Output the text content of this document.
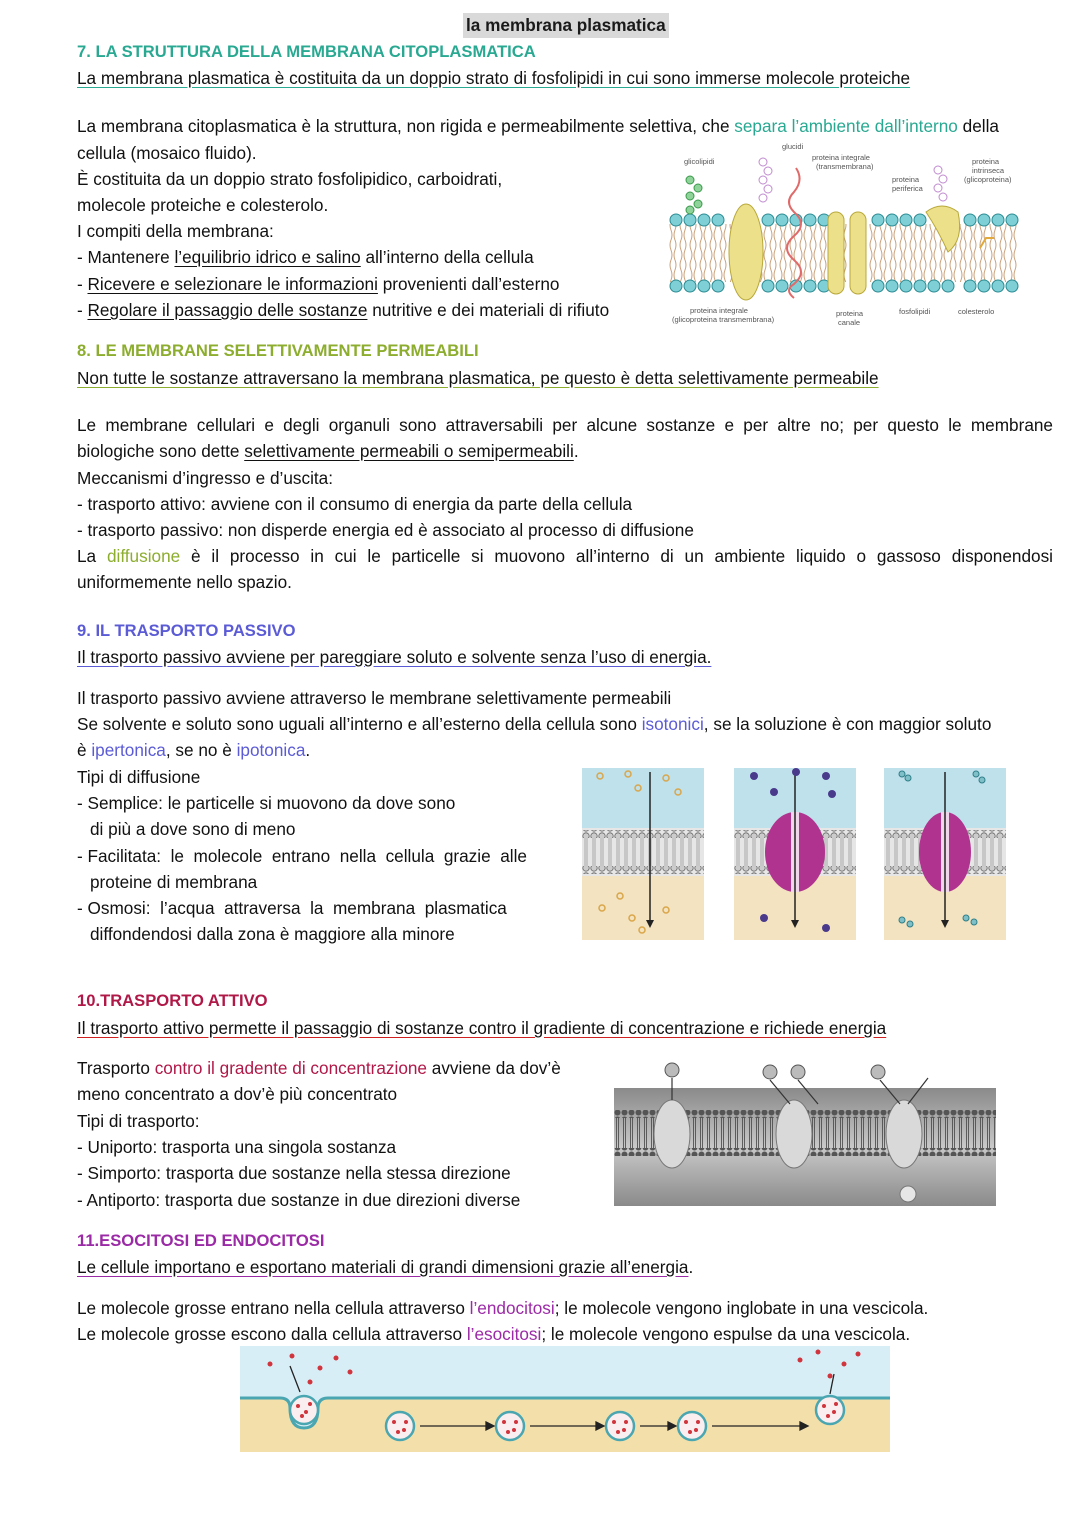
la membrana plasmatica
7. LA STRUTTURA DELLA MEMBRANA CITOPLASMATICA
La membrana plasmatica è costituita da un doppio strato di fosfolipidi in cui sono immerse molecole proteiche
La membrana citoplasmatica è la struttura, non rigida e permeabilmente selettiva, che separa l’ambiente dall’interno della
cellula (mosaico fluido).
È costituita da un doppio strato fosfolipidico, carboidrati,
molecole proteiche e colesterolo.
I compiti della membrana:
- Mantenere l’equilibrio idrico e salino all’interno della cellula
- Ricevere e selezionare le informazioni provenienti dall’esterno
- Regolare il passaggio delle sostanze nutritive e dei materiali di rifiuto
glicolipidi
glucidi
proteina integrale
(transmembrana)
proteina
periferica
proteina
intrinseca
(glicoproteina)
proteina integrale
(glicoproteina transmembrana)
proteina
canale
fosfolipidi	colesterolo
8. LE MEMBRANE SELETTIVAMENTE PERMEABILI
Non tutte le sostanze attraversano la membrana plasmatica, pe questo è detta selettivamente permeabile
Le membrane cellulari e degli organuli sono attraversabili per alcune sostanze e per altre no; per questo le membrane
biologiche sono dette selettivamente permeabili o semipermeabili.
Meccanismi d’ingresso e d’uscita:
- trasporto attivo: avviene con il consumo di energia da parte della cellula
- trasporto passivo: non disperde energia ed è associato al processo di diffusione
La diffusione è il processo in cui le particelle si muovono all’interno di un ambiente liquido o gassoso disponendosi
uniformemente nello spazio.
9. IL TRASPORTO PASSIVO
Il trasporto passivo avviene per pareggiare soluto e solvente senza l’uso di energia.
Il trasporto passivo avviene attraverso le membrane selettivamente permeabili
Se solvente e soluto sono uguali all’interno e all’esterno della cellula sono isotonici, se la soluzione è con maggior soluto
è ipertonica, se no è ipotonica.
Tipi di diffusione
- Semplice: le particelle si muovono da dove sono
di più a dove sono di meno
- Facilitata:  le  molecole  entrano  nella  cellula  grazie  alle
proteine di membrana
- Osmosi:  l’acqua  attraversa  la  membrana  plasmatica
diffondendosi dalla zona è maggiore alla minore
10.TRASPORTO ATTIVO
Il trasporto attivo permette il passaggio di sostanze contro il gradiente di concentrazione e richiede energia
Trasporto contro il gradente di concentrazione avviene da dov’è
meno concentrato a dov’è più concentrato
Tipi di trasporto:
- Uniporto: trasporta una singola sostanza
- Simporto: trasporta due sostanze nella stessa direzione
- Antiporto: trasporta due sostanze in due direzioni diverse
11.ESOCITOSI ED ENDOCITOSI
Le cellule importano e esportano materiali di grandi dimensioni grazie all’energia.
Le molecole grosse entrano nella cellula attraverso l’endocitosi; le molecole vengono inglobate in una vescicola.
Le molecole grosse escono dalla cellula attraverso l’esocitosi; le molecole vengono espulse da una vescicola.
